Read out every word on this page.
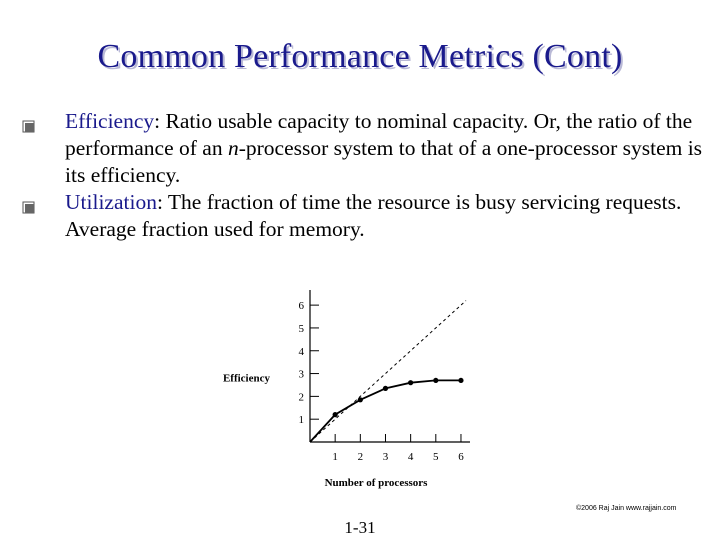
Common Performance Metrics (Cont)
Efficiency: Ratio usable capacity to nominal capacity. Or, the ratio of the performance of an n-processor system to that of a one-processor system is its efficiency.
Utilization: The fraction of time the resource is busy servicing requests. Average fraction used for memory.
1
2
3
4
5
6
1 2 3 4 5 6
Efficiency
Number of processors
©2006 Raj Jain www.rajjain.com
1-31
